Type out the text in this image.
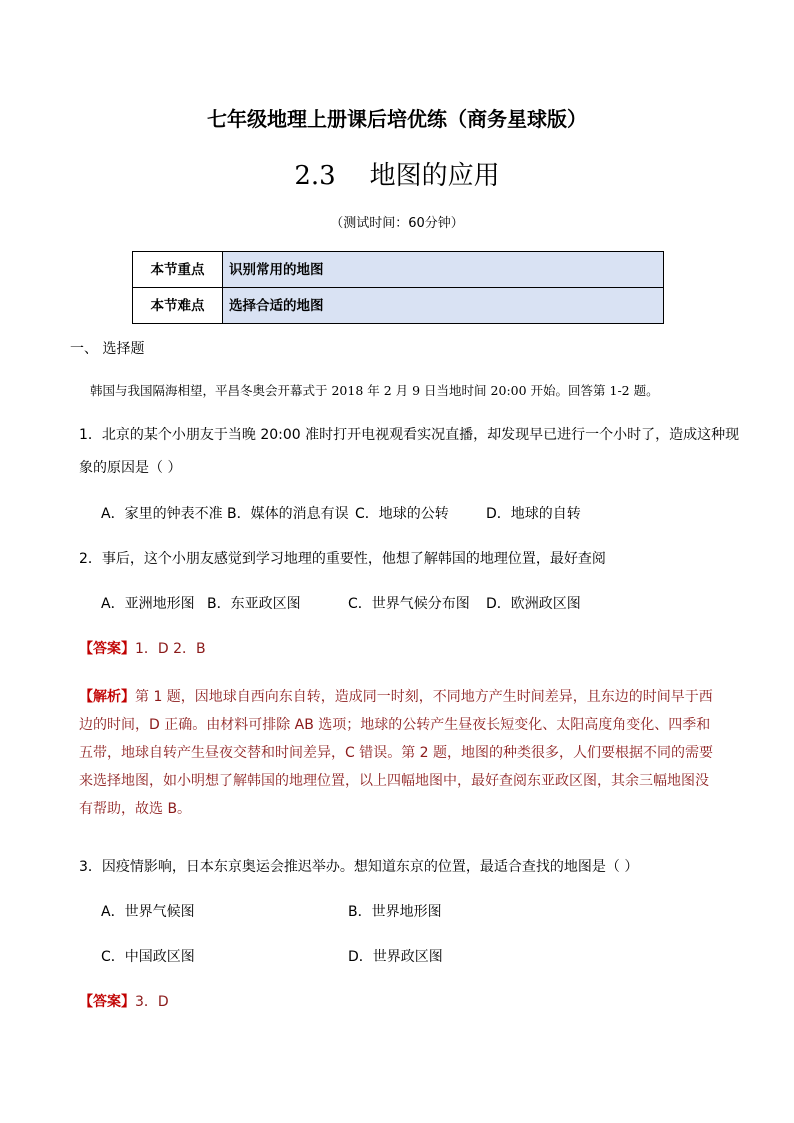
七年级地理上册课后培优练（商务星球版）
2.3 地图的应用
（测试时间：60分钟）
本节重点	识别常用的地图
本节难点	选择合适的地图
一、 选择题
韩国与我国隔海相望，平昌冬奥会开幕式于 2018 年 2 月 9 日当地时间 20:00 开始。回答第 1-2 题。
1．北京的某个小朋友于当晚 20:00 准时打开电视观看实况直播，却发现早已进行一个小时了，造成这种现
象的原因是（ ）
A．家里的钟表不准 B．媒体的消息有误 C．地球的公转	D．地球的自转
2．事后，这个小朋友感觉到学习地理的重要性，他想了解韩国的地理位置，最好查阅
A．亚洲地形图 B．东亚政区图	C．世界气候分布图 D．欧洲政区图
【答案】1．D 2．B
【解析】第 1 题，因地球自西向东自转，造成同一时刻，不同地方产生时间差异，且东边的时间早于西边的时间，D 正确。由材料可排除 AB 选项；地球的公转产生昼夜长短变化、太阳高度角变化、四季和五带，地球自转产生昼夜交替和时间差异，C 错误。第 2 题，地图的种类很多，人们要根据不同的需要来选择地图，如小明想了解韩国的地理位置，以上四幅地图中，最好查阅东亚政区图，其余三幅地图没有帮助，故选 B。
3．因疫情影响，日本东京奥运会推迟举办。想知道东京的位置，最适合查找的地图是（ ）
A．世界气候图	B．世界地形图
C．中国政区图	D．世界政区图
【答案】3．D
